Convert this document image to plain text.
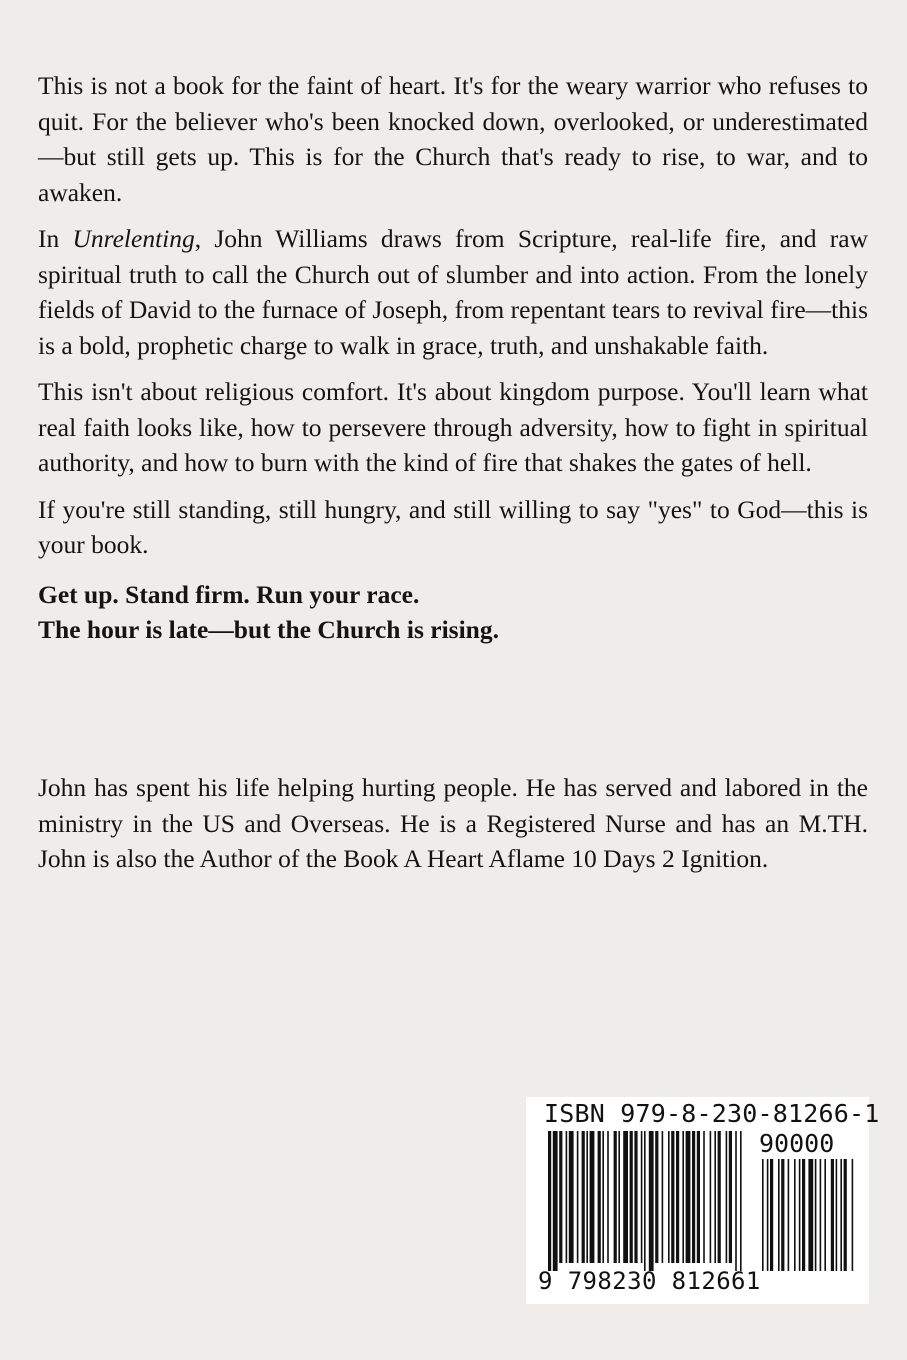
This is not a book for the faint of heart. It's for the weary warrior who refuses to quit. For the believer who's been knocked down, overlooked, or underestimated—but still gets up. This is for the Church that's ready to rise, to war, and to awaken.

In Unrelenting, John Williams draws from Scripture, real-life fire, and raw spiritual truth to call the Church out of slumber and into action. From the lonely fields of David to the furnace of Joseph, from repentant tears to revival fire—this is a bold, prophetic charge to walk in grace, truth, and unshakable faith.

This isn't about religious comfort. It's about kingdom purpose. You'll learn what real faith looks like, how to persevere through adversity, how to fight in spiritual authority, and how to burn with the kind of fire that shakes the gates of hell.

If you're still standing, still hungry, and still willing to say "yes" to God—this is your book.

Get up. Stand firm. Run your race.
The hour is late—but the Church is rising.

John has spent his life helping hurting people. He has served and labored in the ministry in the US and Overseas. He is a Registered Nurse and has an M.TH. John is also the Author of the Book A Heart Aflame 10 Days 2 Ignition.

ISBN 979-8-230-81266-1
90000
9 798230 812661
